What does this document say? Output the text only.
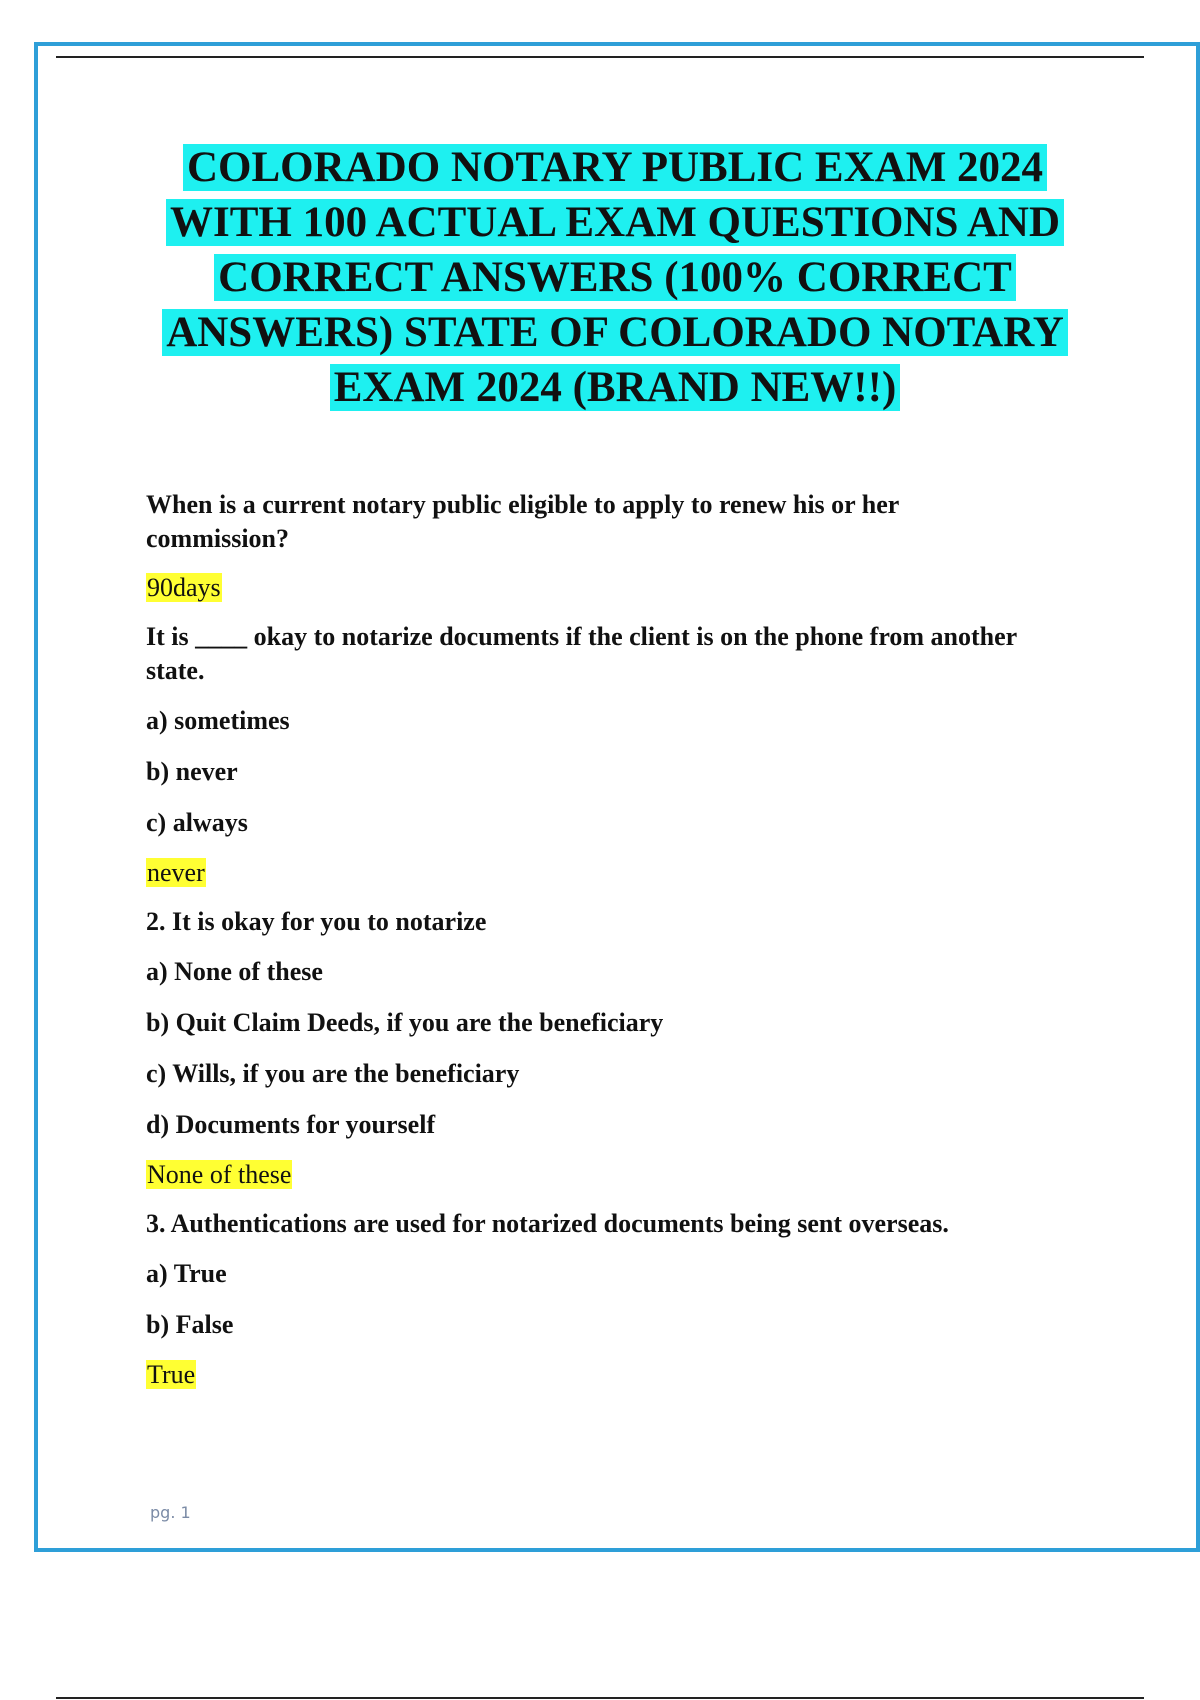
COLORADO NOTARY PUBLIC EXAM 2024
WITH 100 ACTUAL EXAM QUESTIONS AND
CORRECT ANSWERS (100% CORRECT
ANSWERS) STATE OF COLORADO NOTARY
EXAM 2024 (BRAND NEW!!)
When is a current notary public eligible to apply to renew his or her commission?
90days
It is ____ okay to notarize documents if the client is on the phone from another state.
a) sometimes
b) never
c) always
never
2. It is okay for you to notarize
a) None of these
b) Quit Claim Deeds, if you are the beneficiary
c) Wills, if you are the beneficiary
d) Documents for yourself
None of these
3. Authentications are used for notarized documents being sent overseas.
a) True
b) False
True
pg. 1
